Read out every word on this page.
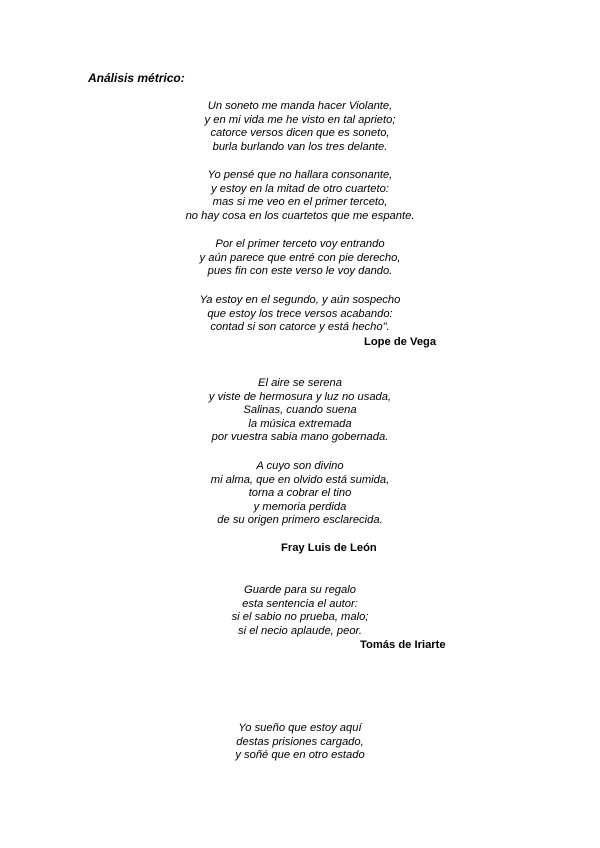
Análisis métrico:
Un soneto me manda hacer Violante,
y en mi vida me he visto en tal aprieto;
catorce versos dicen que es soneto,
burla burlando van los tres delante.
Yo pensé que no hallara consonante,
y estoy en la mitad de otro cuarteto:
mas si me veo en el primer terceto,
no hay cosa en los cuartetos que me espante.
Por el primer terceto voy entrando
y aún parece que entré con pie derecho,
pues fin con este verso le voy dando.
Ya estoy en el segundo, y aún sospecho
que estoy los trece versos acabando:
contad si son catorce y está hecho".
Lope de Vega
El aire se serena
y viste de hermosura y luz no usada,
Salinas, cuando suena
la música extremada
por vuestra sabia mano gobernada.
A cuyo son divino
mi alma, que en olvido está sumida,
torna a cobrar el tino
y memoria perdida
de su origen primero esclarecida.
Fray Luis de León
Guarde para su regalo
esta sentencia el autor:
si el sabio no prueba, malo;
si el necio aplaude, peor.
Tomás de Iriarte
Yo sueño que estoy aquí
destas prisiones cargado,
y soñé que en otro estado
